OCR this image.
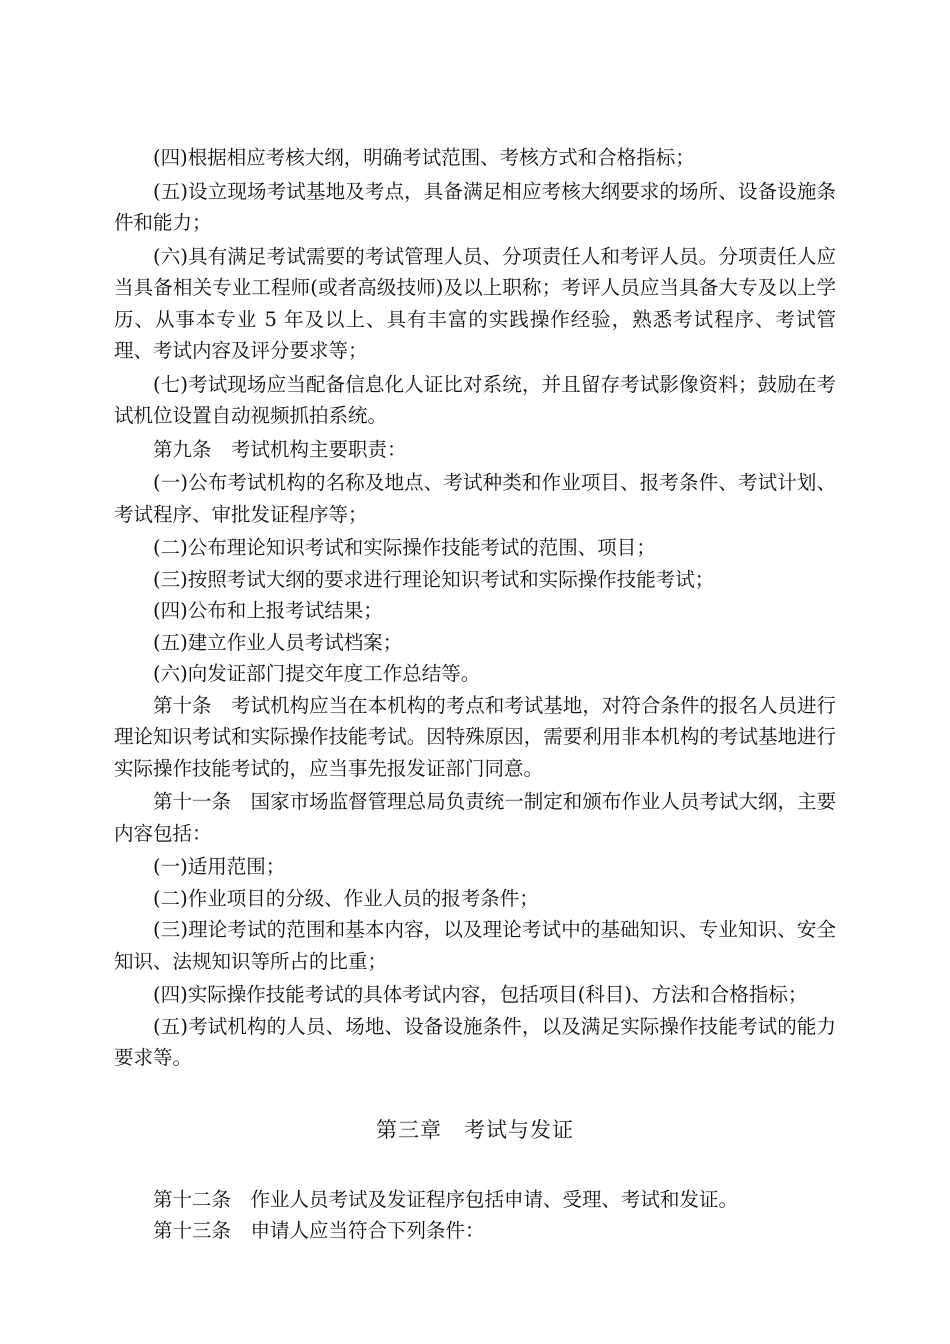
(四)根据相应考核大纲，明确考试范围、考核方式和合格指标；

(五)设立现场考试基地及考点，具备满足相应考核大纲要求的场所、设备设施条件和能力；

(六)具有满足考试需要的考试管理人员、分项责任人和考评人员。分项责任人应当具备相关专业工程师(或者高级技师)及以上职称；考评人员应当具备大专及以上学历、从事本专业 5 年及以上、具有丰富的实践操作经验，熟悉考试程序、考试管理、考试内容及评分要求等；

(七)考试现场应当配备信息化人证比对系统，并且留存考试影像资料；鼓励在考试机位设置自动视频抓拍系统。

第九条　考试机构主要职责：

(一)公布考试机构的名称及地点、考试种类和作业项目、报考条件、考试计划、考试程序、审批发证程序等；

(二)公布理论知识考试和实际操作技能考试的范围、项目；

(三)按照考试大纲的要求进行理论知识考试和实际操作技能考试；

(四)公布和上报考试结果；

(五)建立作业人员考试档案；

(六)向发证部门提交年度工作总结等。

第十条　考试机构应当在本机构的考点和考试基地，对符合条件的报名人员进行理论知识考试和实际操作技能考试。因特殊原因，需要利用非本机构的考试基地进行实际操作技能考试的，应当事先报发证部门同意。

第十一条　国家市场监督管理总局负责统一制定和颁布作业人员考试大纲，主要内容包括：

(一)适用范围；

(二)作业项目的分级、作业人员的报考条件；

(三)理论考试的范围和基本内容，以及理论考试中的基础知识、专业知识、安全知识、法规知识等所占的比重；

(四)实际操作技能考试的具体考试内容，包括项目(科目)、方法和合格指标；

(五)考试机构的人员、场地、设备设施条件，以及满足实际操作技能考试的能力要求等。

第三章　考试与发证

第十二条　作业人员考试及发证程序包括申请、受理、考试和发证。

第十三条　申请人应当符合下列条件：
